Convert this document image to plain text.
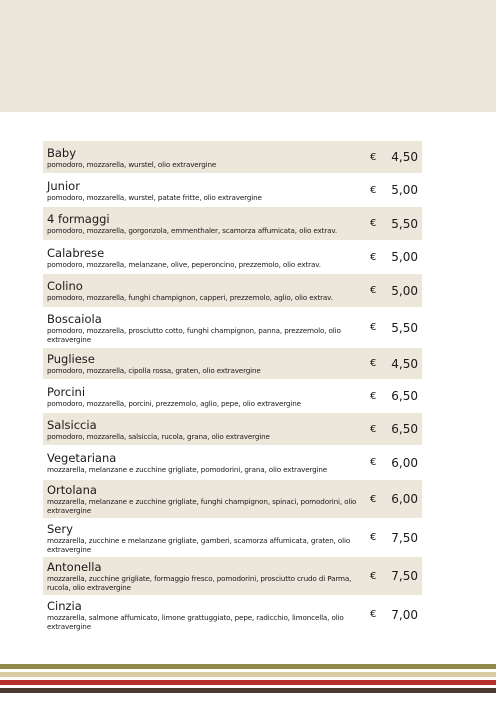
Baby
pomodoro, mozzarella, wurstel, olio extravergine
€ 4,50
Junior
pomodoro, mozzarella, wurstel, patate fritte, olio extravergine
€ 5,00
4 formaggi
pomodoro, mozzarella, gorgonzola, emmenthaler, scamorza affumicata, olio extrav.
€ 5,50
Calabrese
pomodoro, mozzarella, melanzane, olive, peperoncino, prezzemolo, olio extrav.
€ 5,00
Colino
pomodoro, mozzarella, funghi champignon, capperi, prezzemolo, aglio, olio extrav.
€ 5,00
Boscaiola
pomodoro, mozzarella, prosciutto cotto, funghi champignon, panna, prezzemolo, olio extravergine
€ 5,50
Pugliese
pomodoro, mozzarella, cipolla rossa, graten, olio extravergine
€ 4,50
Porcini
pomodoro, mozzarella, porcini, prezzemolo, aglio, pepe, olio extravergine
€ 6,50
Salsiccia
pomodoro, mozzarella, salsiccia, rucola, grana, olio extravergine
€ 6,50
Vegetariana
mozzarella, melanzane e zucchine grigliate, pomodorini, grana, olio extravergine
€ 6,00
Ortolana
mozzarella, melanzane e zucchine grigliate, funghi champignon, spinaci, pomodorini, olio extravergine
€ 6,00
Sery
mozzarella, zucchine e melanzane grigliate, gamberi, scamorza affumicata, graten, olio extravergine
€ 7,50
Antonella
mozzarella, zucchine grigliate, formaggio fresco, pomodorini, prosciutto crudo di Parma, rucola, olio extravergine
€ 7,50
Cinzia
mozzarella, salmone affumicato, limone grattuggiato, pepe, radicchio, limoncella, olio extravergine
€ 7,00
